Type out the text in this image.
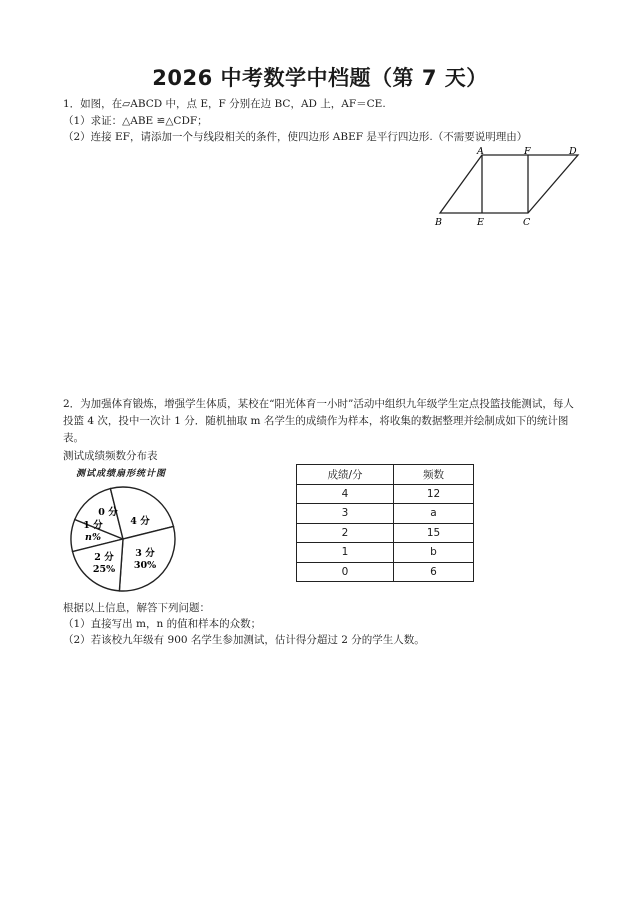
2026 中考数学中档题（第 7 天）
1．如图，在▱ABCD 中，点 E，F 分别在边 BC，AD 上，AF＝CE.
（1）求证：△ABE ≌△CDF；
（2）连接 EF，请添加一个与线段相关的条件，使四边形 ABEF 是平行四边形.（不需要说明理由）
A	F	D
B	E	C
2．为加强体育锻炼，增强学生体质，某校在“阳光体育一小时”活动中组织九年级学生定点投篮技能测试，每人投篮 4 次，投中一次计 1 分．随机抽取 m 名学生的成绩作为样本，将收集的数据整理并绘制成如下的统计图表。
测试成绩频数分布表
测试成绩扇形统计图
0 分
1 分
n%
2 分
25%
3 分
30%
4 分
成绩/分	频数
4	12
3	a
2	15
1	b
0	6
根据以上信息，解答下列问题：
（1）直接写出 m，n 的值和样本的众数；
（2）若该校九年级有 900 名学生参加测试，估计得分超过 2 分的学生人数。
